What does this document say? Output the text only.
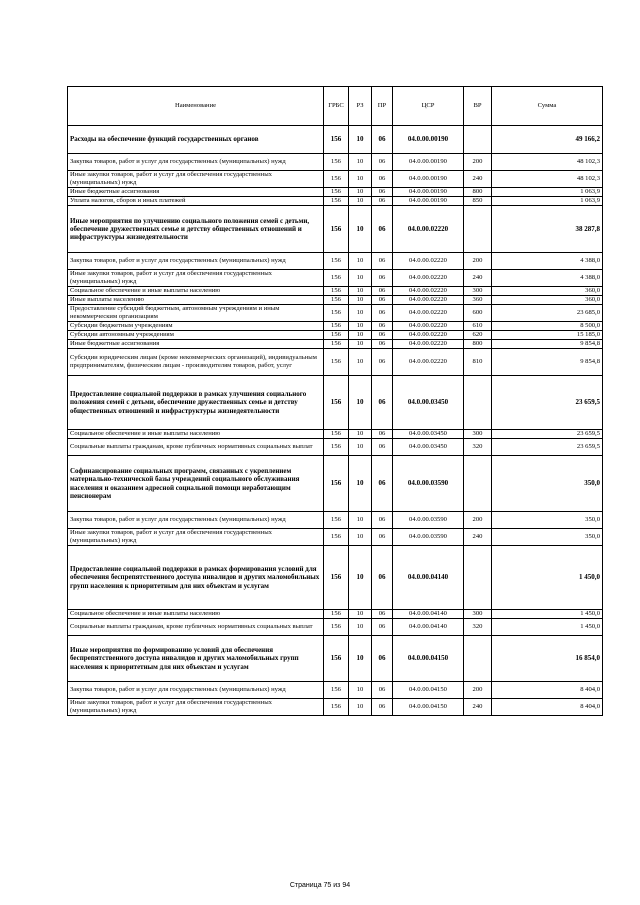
Наименование	ГРБС	РЗ	ПР	ЦСР	ВР	Сумма
Расходы на обеспечение функций государственных органов	156	10	06	04.0.00.00190		49 166,2
Закупка товаров, работ и услуг для государственных (муниципальных) нужд	156	10	06	04.0.00.00190	200	48 102,3
Иные закупки товаров, работ и услуг для обеспечения государственных (муниципальных) нужд	156	10	06	04.0.00.00190	240	48 102,3
Иные бюджетные ассигнования	156	10	06	04.0.00.00190	800	1 063,9
Уплата налогов, сборов и иных платежей	156	10	06	04.0.00.00190	850	1 063,9
Иные мероприятия по улучшению социального положения семей с детьми, обеспечение дружественных семье и детству общественных отношений и инфраструктуры жизнедеятельности	156	10	06	04.0.00.02220		38 287,8
Закупка товаров, работ и услуг для государственных (муниципальных) нужд	156	10	06	04.0.00.02220	200	4 388,0
Иные закупки товаров, работ и услуг для обеспечения государственных (муниципальных) нужд	156	10	06	04.0.00.02220	240	4 388,0
Социальное обеспечение и иные выплаты населению	156	10	06	04.0.00.02220	300	360,0
Иные выплаты населению	156	10	06	04.0.00.02220	360	360,0
Предоставление субсидий бюджетным, автономным учреждениям и иным некоммерческим организациям	156	10	06	04.0.00.02220	600	23 685,0
Субсидии бюджетным учреждениям	156	10	06	04.0.00.02220	610	8 500,0
Субсидии автономным учреждениям	156	10	06	04.0.00.02220	620	15 185,0
Иные бюджетные ассигнования	156	10	06	04.0.00.02220	800	9 854,8
Субсидии юридическим лицам (кроме некоммерческих организаций), индивидуальным предпринимателям, физическим лицам - производителям товаров, работ, услуг	156	10	06	04.0.00.02220	810	9 854,8
Предоставление социальной поддержки в рамках улучшения социального положения семей с детьми, обеспечение дружественных семье и детству общественных отношений и инфраструктуры жизнедеятельности	156	10	06	04.0.00.03450		23 659,5
Социальное обеспечение и иные выплаты населению	156	10	06	04.0.00.03450	300	23 659,5
Социальные выплаты гражданам, кроме публичных нормативных социальных выплат	156	10	06	04.0.00.03450	320	23 659,5
Софинансирование социальных программ, связанных с укреплением материально-технической базы учреждений социального обслуживания населения и оказанием адресной социальной помощи неработающим пенсионерам	156	10	06	04.0.00.03590		350,0
Закупка товаров, работ и услуг для государственных (муниципальных) нужд	156	10	06	04.0.00.03590	200	350,0
Иные закупки товаров, работ и услуг для обеспечения государственных (муниципальных) нужд	156	10	06	04.0.00.03590	240	350,0
Предоставление социальной поддержки в рамках формирования условий для обеспечения беспрепятственного доступа инвалидов и других маломобильных групп населения к приоритетным для них объектам и услугам	156	10	06	04.0.00.04140		1 450,0
Социальное обеспечение и иные выплаты населению	156	10	06	04.0.00.04140	300	1 450,0
Социальные выплаты гражданам, кроме публичных нормативных социальных выплат	156	10	06	04.0.00.04140	320	1 450,0
Иные мероприятия по формированию условий для обеспечения беспрепятственного доступа инвалидов и других маломобильных групп населения к приоритетным для них объектам и услугам	156	10	06	04.0.00.04150		16 854,0
Закупка товаров, работ и услуг для государственных (муниципальных) нужд	156	10	06	04.0.00.04150	200	8 404,0
Иные закупки товаров, работ и услуг для обеспечения государственных (муниципальных) нужд	156	10	06	04.0.00.04150	240	8 404,0
Страница 75 из 94
